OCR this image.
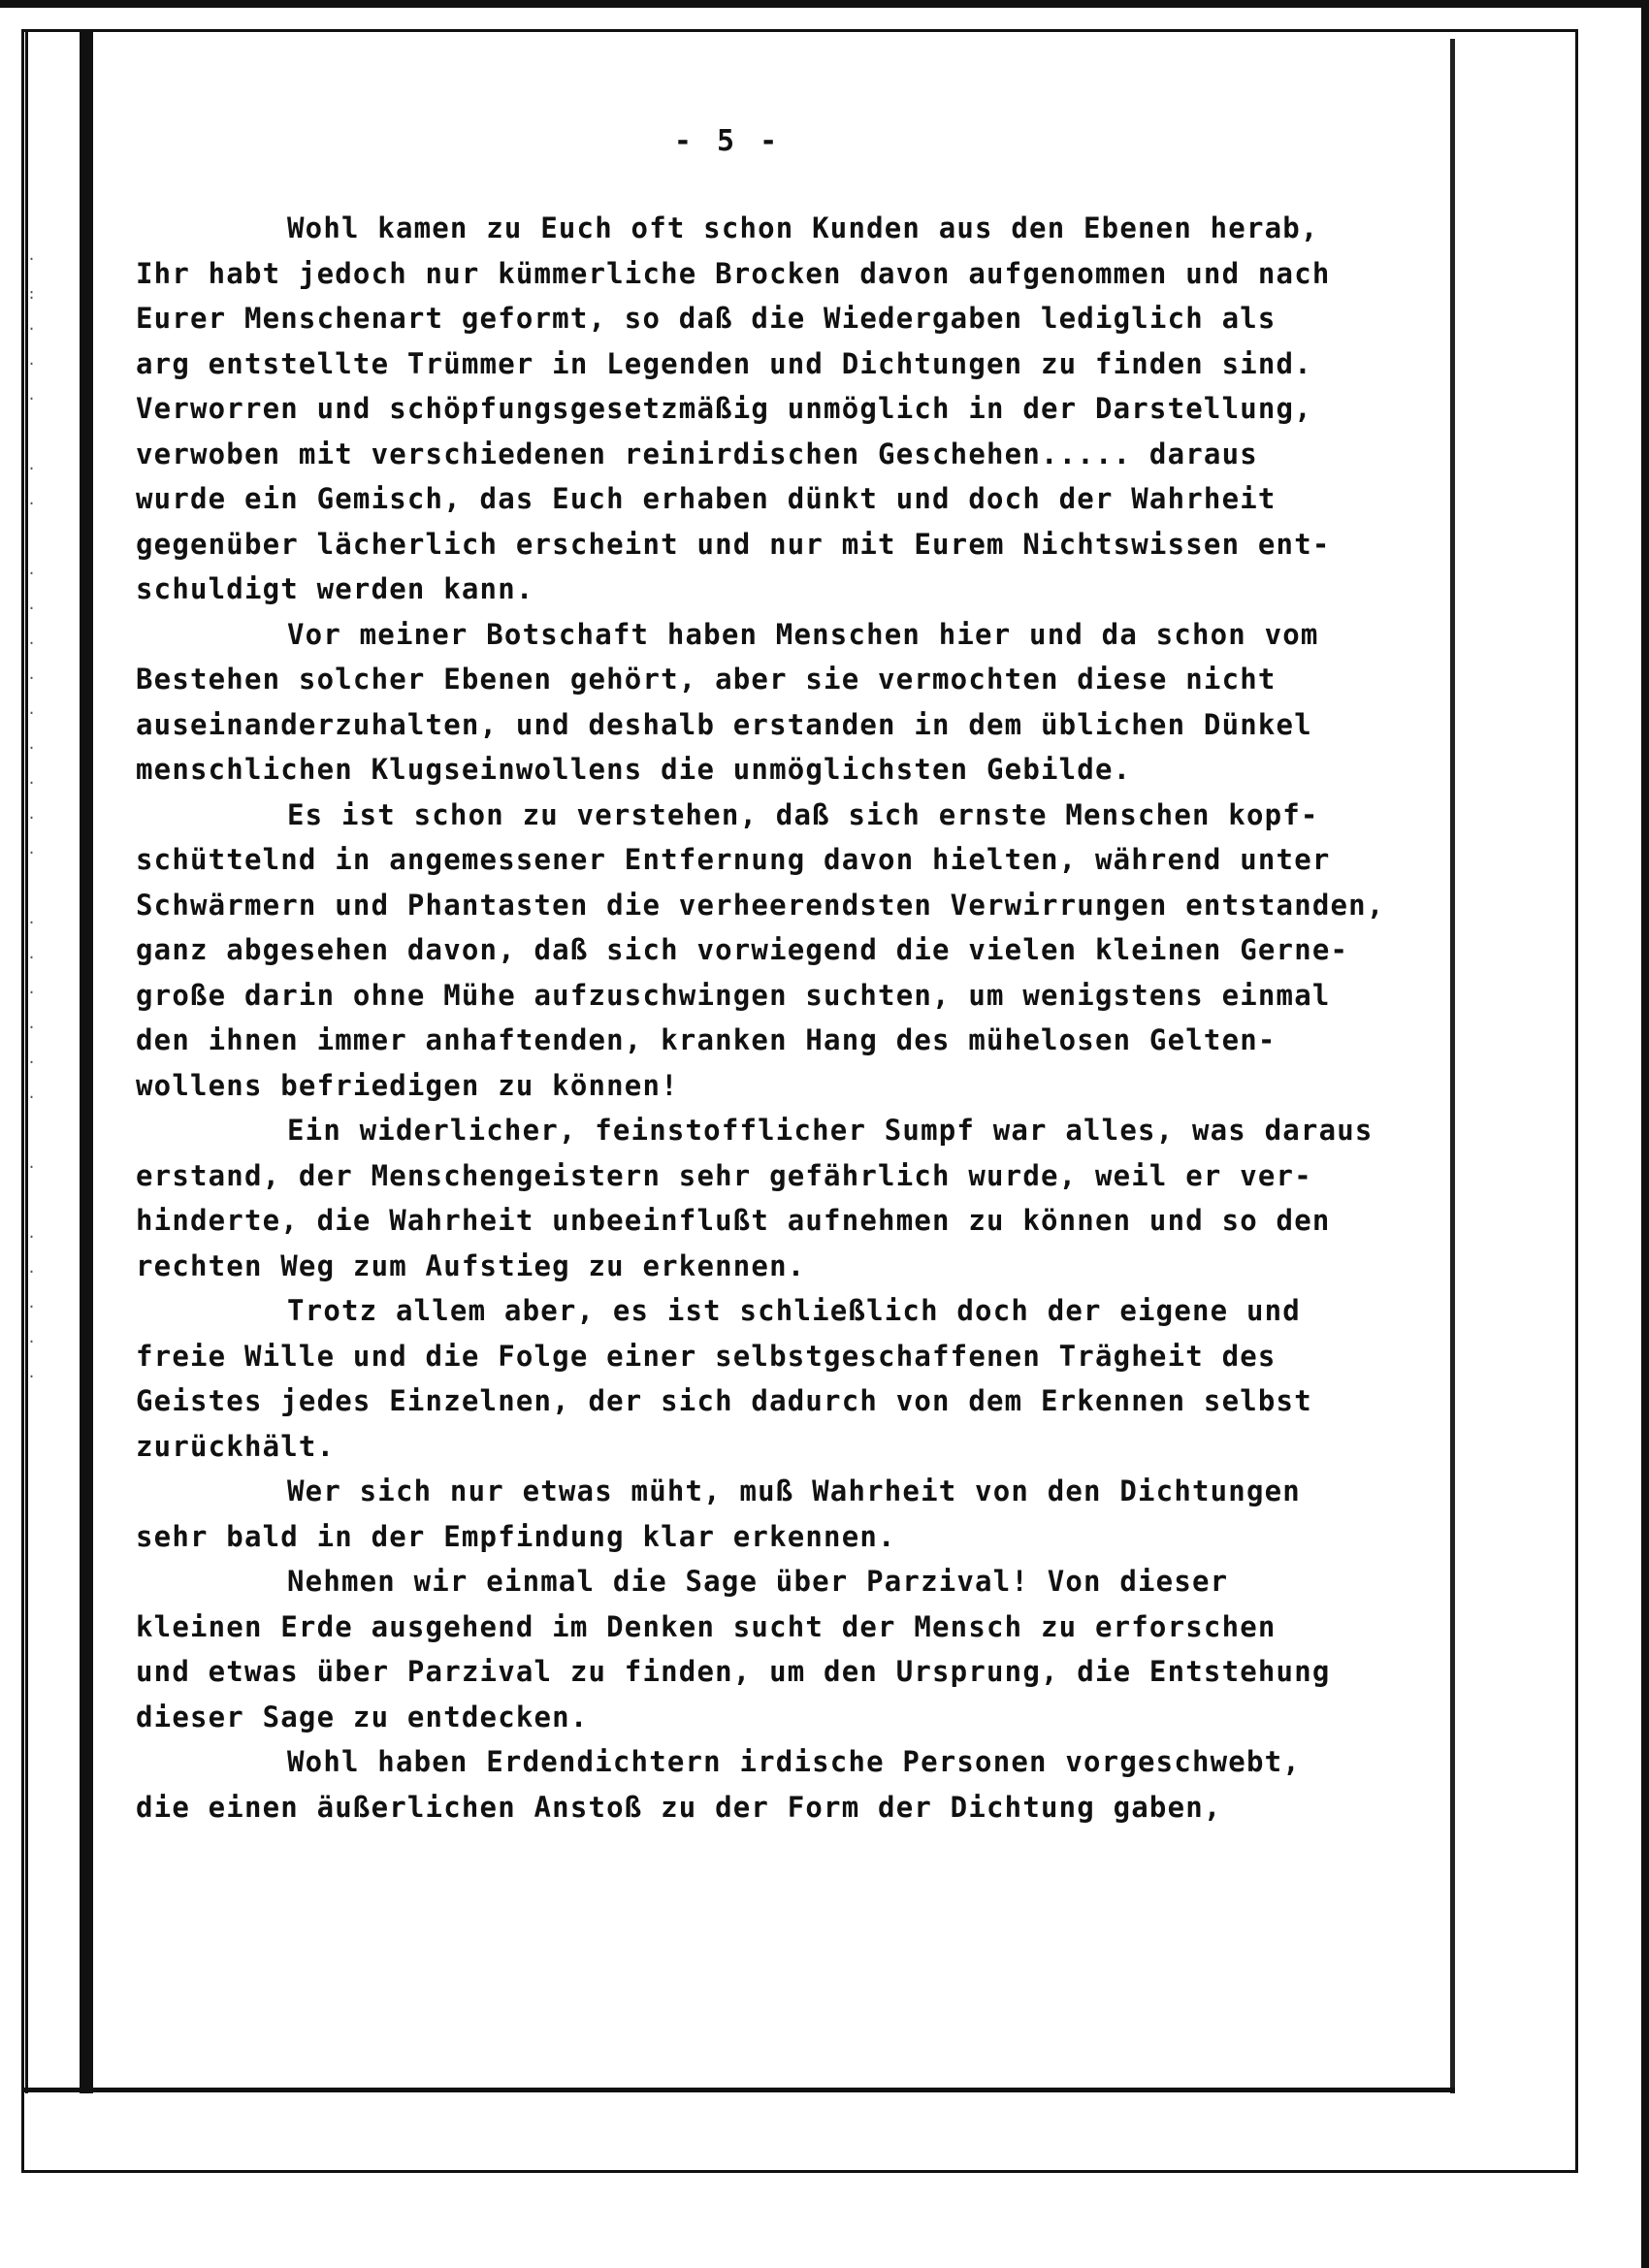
·
:
·
·
·
·
·
·
·
·
·
·
·
·
·
·
·
·
·
·
·
·
·
·
·
·
·
·
- 5 -
Wohl kamen zu Euch oft schon Kunden aus den Ebenen herab,
Ihr habt jedoch nur kümmerliche Brocken davon aufgenommen und nach
Eurer Menschenart geformt, so daß die Wiedergaben lediglich als
arg entstellte Trümmer in Legenden und Dichtungen zu finden sind.
Verworren und schöpfungsgesetzmäßig unmöglich in der Darstellung,
verwoben mit verschiedenen reinirdischen Geschehen..... daraus
wurde ein Gemisch, das Euch erhaben dünkt und doch der Wahrheit
gegenüber lächerlich erscheint und nur mit Eurem Nichtswissen ent-
schuldigt werden kann.
Vor meiner Botschaft haben Menschen hier und da schon vom
Bestehen solcher Ebenen gehört, aber sie vermochten diese nicht
auseinanderzuhalten, und deshalb erstanden in dem üblichen Dünkel
menschlichen Klugseinwollens die unmöglichsten Gebilde.
Es ist schon zu verstehen, daß sich ernste Menschen kopf-
schüttelnd in angemessener Entfernung davon hielten, während unter
Schwärmern und Phantasten die verheerendsten Verwirrungen entstanden,
ganz abgesehen davon, daß sich vorwiegend die vielen kleinen Gerne-
große darin ohne Mühe aufzuschwingen suchten, um wenigstens einmal
den ihnen immer anhaftenden, kranken Hang des mühelosen Gelten-
wollens befriedigen zu können!
Ein widerlicher, feinstofflicher Sumpf war alles, was daraus
erstand, der Menschengeistern sehr gefährlich wurde, weil er ver-
hinderte, die Wahrheit unbeeinflußt aufnehmen zu können und so den
rechten Weg zum Aufstieg zu erkennen.
Trotz allem aber, es ist schließlich doch der eigene und
freie Wille und die Folge einer selbstgeschaffenen Trägheit des
Geistes jedes Einzelnen, der sich dadurch von dem Erkennen selbst
zurückhält.
Wer sich nur etwas müht, muß Wahrheit von den Dichtungen
sehr bald in der Empfindung klar erkennen.
Nehmen wir einmal die Sage über Parzival! Von dieser
kleinen Erde ausgehend im Denken sucht der Mensch zu erforschen
und etwas über Parzival zu finden, um den Ursprung, die Entstehung
dieser Sage zu entdecken.
Wohl haben Erdendichtern irdische Personen vorgeschwebt,
die einen äußerlichen Anstoß zu der Form der Dichtung gaben,
